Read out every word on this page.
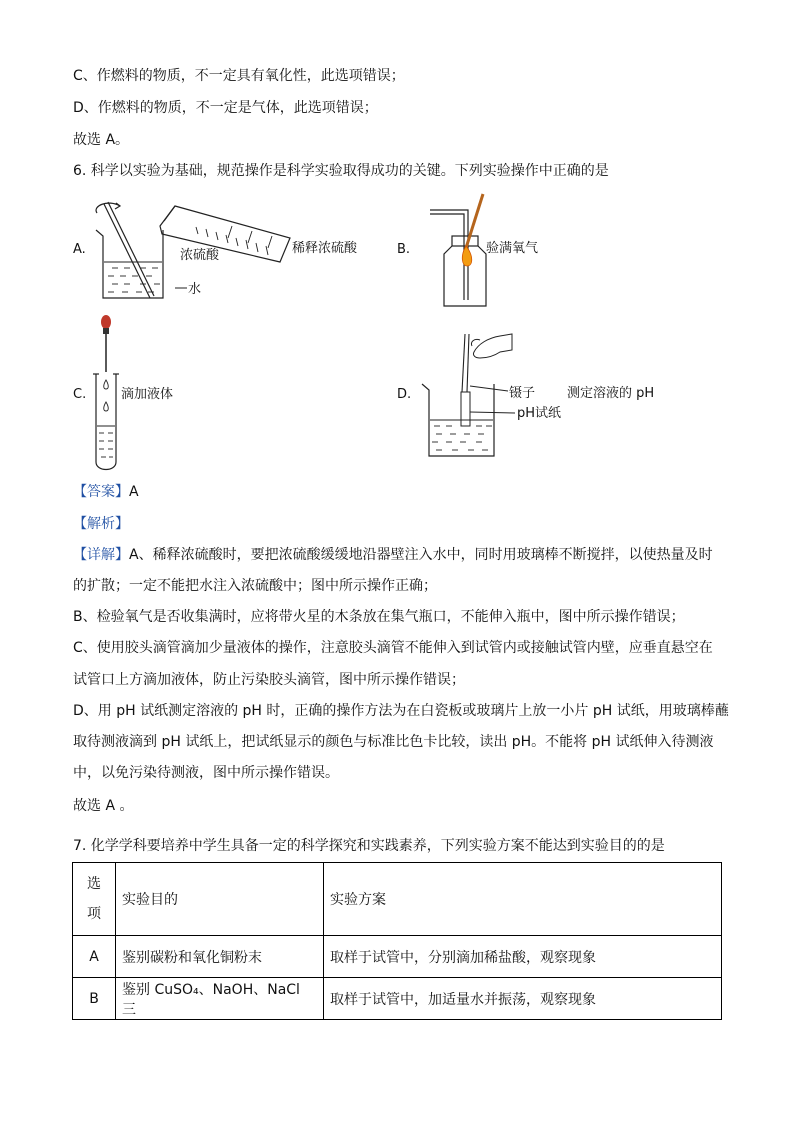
C、作燃料的物质，不一定具有氧化性，此选项错误；
D、作燃料的物质，不一定是气体，此选项错误；
故选 A。
6. 科学以实验为基础，规范操作是科学实验取得成功的关键。下列实验操作中正确的是
A.	B.
C.	D.
浓硫酸	稀释浓硫酸
水
验满氧气
滴加液体	镊子 测定溶液的 pH
pH试纸
【答案】A
【解析】
【详解】A、稀释浓硫酸时，要把浓硫酸缓缓地沿器壁注入水中，同时用玻璃棒不断搅拌，以使热量及时
的扩散；一定不能把水注入浓硫酸中；图中所示操作正确；
B、检验氧气是否收集满时，应将带火星的木条放在集气瓶口，不能伸入瓶中，图中所示操作错误；
C、使用胶头滴管滴加少量液体的操作，注意胶头滴管不能伸入到试管内或接触试管内壁，应垂直悬空在
试管口上方滴加液体，防止污染胶头滴管，图中所示操作错误；
D、用 pH 试纸测定溶液的 pH 时，正确的操作方法为在白瓷板或玻璃片上放一小片 pH 试纸，用玻璃棒蘸
取待测液滴到 pH 试纸上，把试纸显示的颜色与标准比色卡比较，读出 pH。不能将 pH 试纸伸入待测液
中，以免污染待测液，图中所示操作错误。
故选 A 。
7. 化学学科要培养中学生具备一定的科学探究和实践素养，下列实验方案不能达到实验目的的是
选
项	实验目的	实验方案
A	鉴别碳粉和氧化铜粉末	取样于试管中，分别滴加稀盐酸，观察现象
B	鉴别 CuSO₄、NaOH、NaCl 三	取样于试管中，加适量水并振荡，观察现象
